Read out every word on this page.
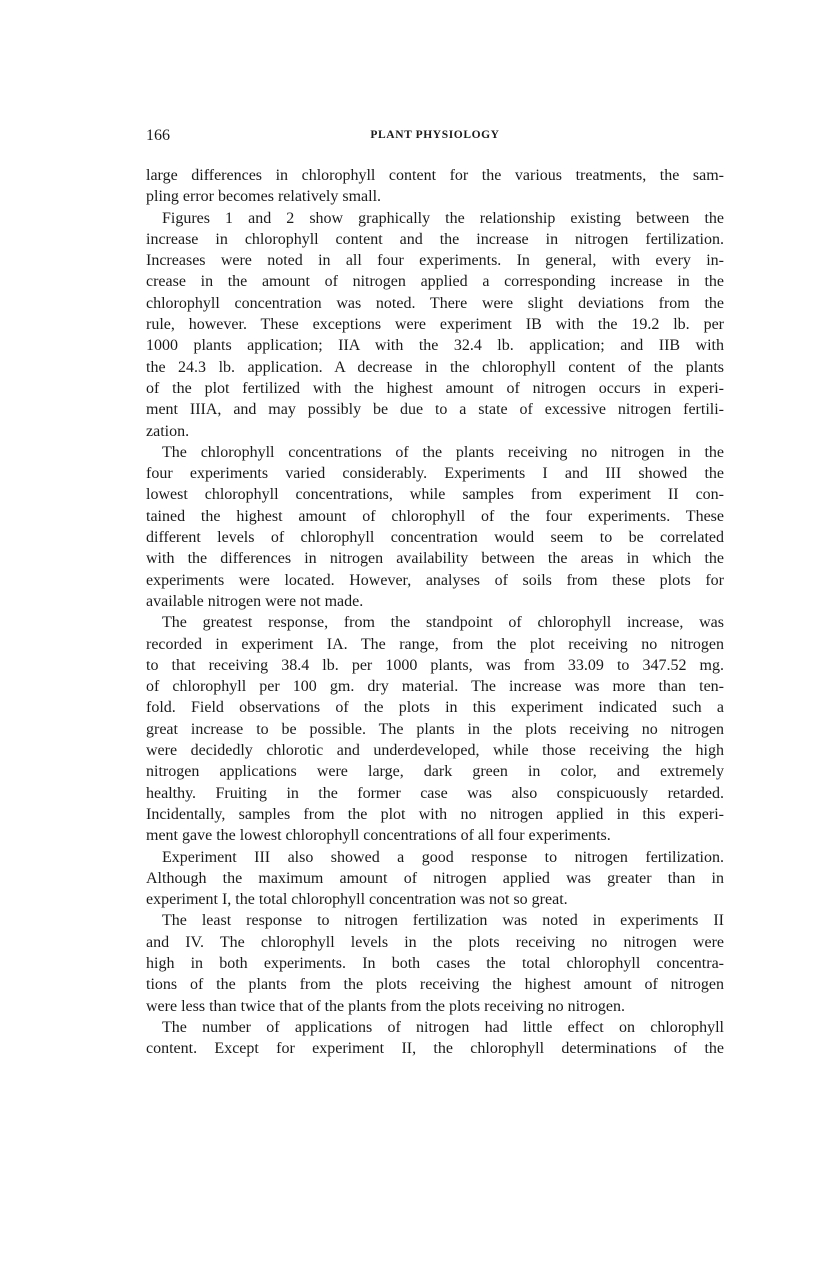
166	PLANT PHYSIOLOGY

large differences in chlorophyll content for the various treatments, the sam-
pling error becomes relatively small.

Figures 1 and 2 show graphically the relationship existing between the
increase in chlorophyll content and the increase in nitrogen fertilization.
Increases were noted in all four experiments. In general, with every in-
crease in the amount of nitrogen applied a corresponding increase in the
chlorophyll concentration was noted. There were slight deviations from the
rule, however. These exceptions were experiment IB with the 19.2 lb. per
1000 plants application; IIA with the 32.4 lb. application; and IIB with
the 24.3 lb. application. A decrease in the chlorophyll content of the plants
of the plot fertilized with the highest amount of nitrogen occurs in experi-
ment IIIA, and may possibly be due to a state of excessive nitrogen fertili-
zation.

The chlorophyll concentrations of the plants receiving no nitrogen in the
four experiments varied considerably. Experiments I and III showed the
lowest chlorophyll concentrations, while samples from experiment II con-
tained the highest amount of chlorophyll of the four experiments. These
different levels of chlorophyll concentration would seem to be correlated
with the differences in nitrogen availability between the areas in which the
experiments were located. However, analyses of soils from these plots for
available nitrogen were not made.

The greatest response, from the standpoint of chlorophyll increase, was
recorded in experiment IA. The range, from the plot receiving no nitrogen
to that receiving 38.4 lb. per 1000 plants, was from 33.09 to 347.52 mg.
of chlorophyll per 100 gm. dry material. The increase was more than ten-
fold. Field observations of the plots in this experiment indicated such a
great increase to be possible. The plants in the plots receiving no nitrogen
were decidedly chlorotic and underdeveloped, while those receiving the high
nitrogen applications were large, dark green in color, and extremely
healthy. Fruiting in the former case was also conspicuously retarded.
Incidentally, samples from the plot with no nitrogen applied in this experi-
ment gave the lowest chlorophyll concentrations of all four experiments.

Experiment III also showed a good response to nitrogen fertilization.
Although the maximum amount of nitrogen applied was greater than in
experiment I, the total chlorophyll concentration was not so great.

The least response to nitrogen fertilization was noted in experiments II
and IV. The chlorophyll levels in the plots receiving no nitrogen were
high in both experiments. In both cases the total chlorophyll concentra-
tions of the plants from the plots receiving the highest amount of nitrogen
were less than twice that of the plants from the plots receiving no nitrogen.

The number of applications of nitrogen had little effect on chlorophyll
content. Except for experiment II, the chlorophyll determinations of the
